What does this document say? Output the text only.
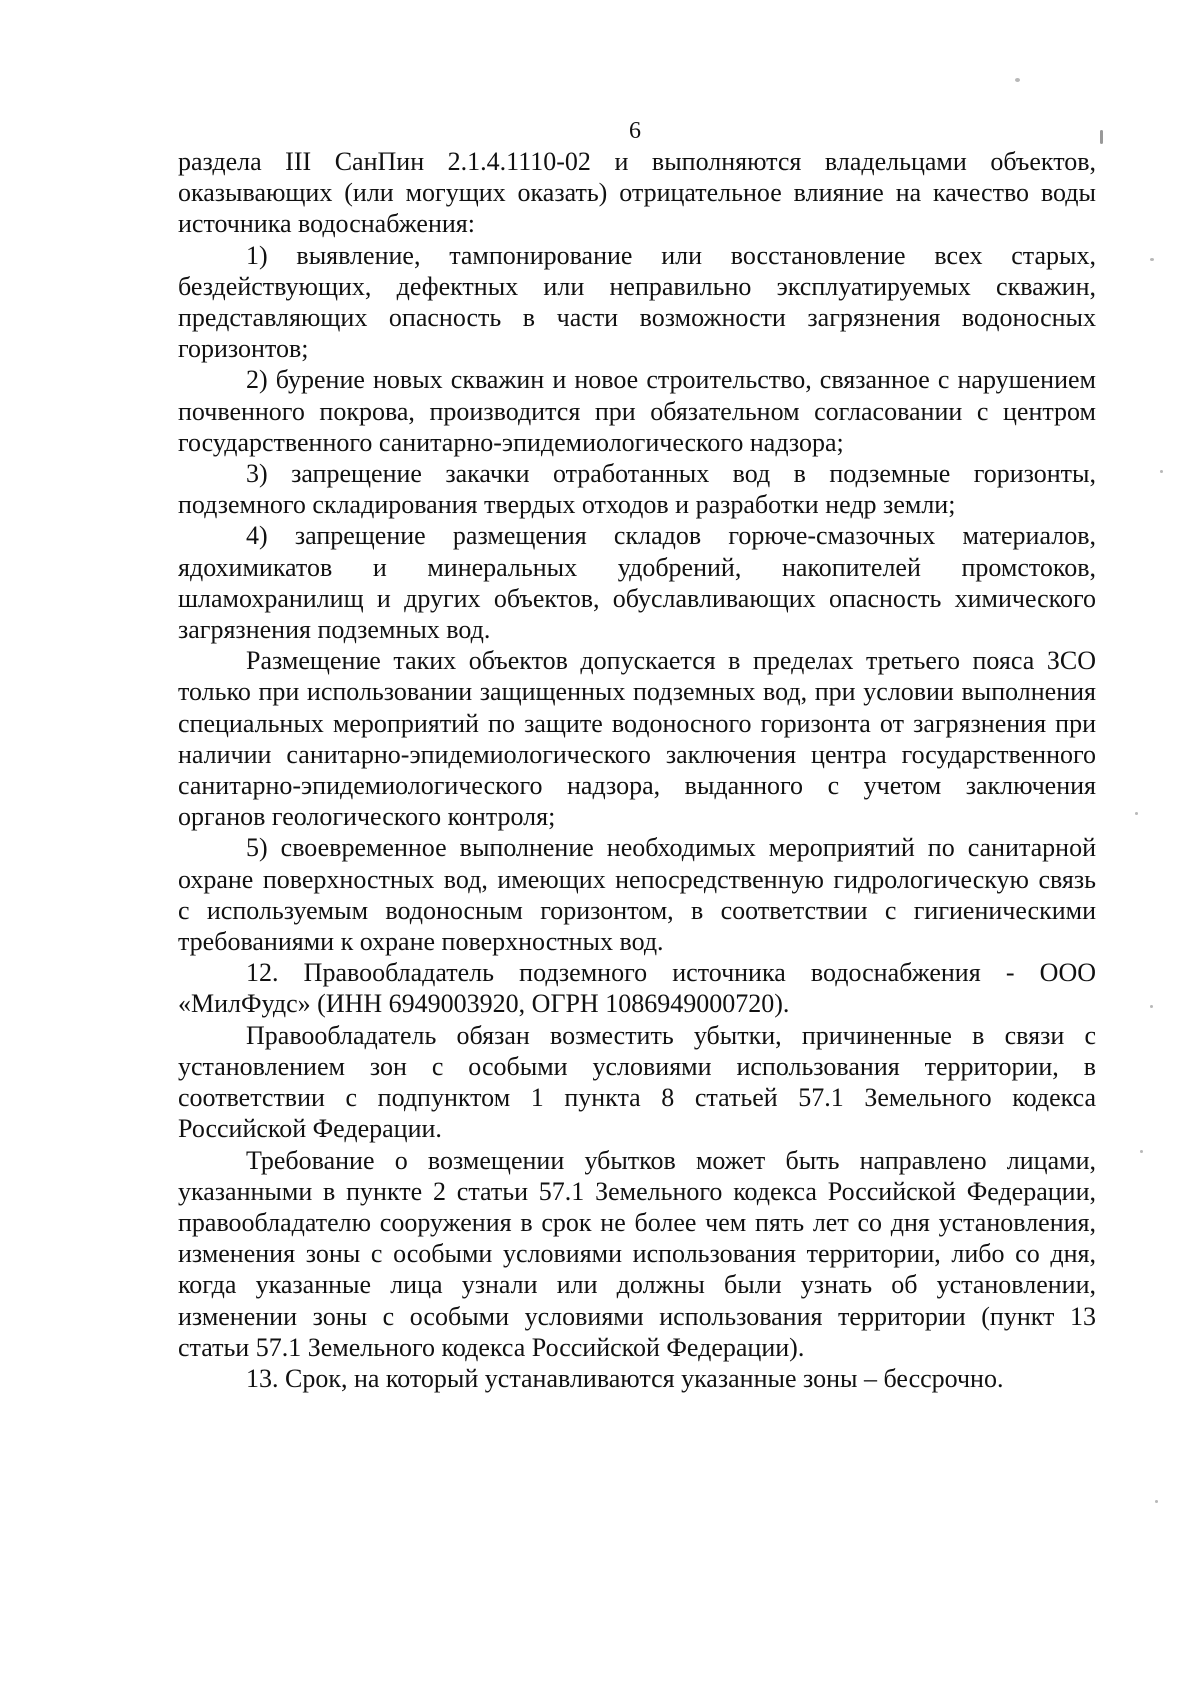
6

раздела III СанПин 2.1.4.1110-02 и выполняются владельцами объектов, оказывающих (или могущих оказать) отрицательное влияние на качество воды источника водоснабжения:

1) выявление, тампонирование или восстановление всех старых, бездействующих, дефектных или неправильно эксплуатируемых скважин, представляющих опасность в части возможности загрязнения водоносных горизонтов;

2) бурение новых скважин и новое строительство, связанное с нарушением почвенного покрова, производится при обязательном согласовании с центром государственного санитарно-эпидемиологического надзора;

3) запрещение закачки отработанных вод в подземные горизонты, подземного складирования твердых отходов и разработки недр земли;

4) запрещение размещения складов горюче-смазочных материалов, ядохимикатов и минеральных удобрений, накопителей промстоков, шламохранилищ и других объектов, обуславливающих опасность химического загрязнения подземных вод.

Размещение таких объектов допускается в пределах третьего пояса ЗСО только при использовании защищенных подземных вод, при условии выполнения специальных мероприятий по защите водоносного горизонта от загрязнения при наличии санитарно-эпидемиологического заключения центра государственного санитарно-эпидемиологического надзора, выданного с учетом заключения органов геологического контроля;

5) своевременное выполнение необходимых мероприятий по санитарной охране поверхностных вод, имеющих непосредственную гидрологическую связь с используемым водоносным горизонтом, в соответствии с гигиеническими требованиями к охране поверхностных вод.

12. Правообладатель подземного источника водоснабжения - ООО «МилФудс» (ИНН 6949003920, ОГРН 1086949000720).

Правообладатель обязан возместить убытки, причиненные в связи с установлением зон с особыми условиями использования территории, в соответствии с подпунктом 1 пункта 8 статьей 57.1 Земельного кодекса Российской Федерации.

Требование о возмещении убытков может быть направлено лицами, указанными в пункте 2 статьи 57.1 Земельного кодекса Российской Федерации, правообладателю сооружения в срок не более чем пять лет со дня установления, изменения зоны с особыми условиями использования территории, либо со дня, когда указанные лица узнали или должны были узнать об установлении, изменении зоны с особыми условиями использования территории (пункт 13 статьи 57.1 Земельного кодекса Российской Федерации).

13. Срок, на который устанавливаются указанные зоны – бессрочно.
